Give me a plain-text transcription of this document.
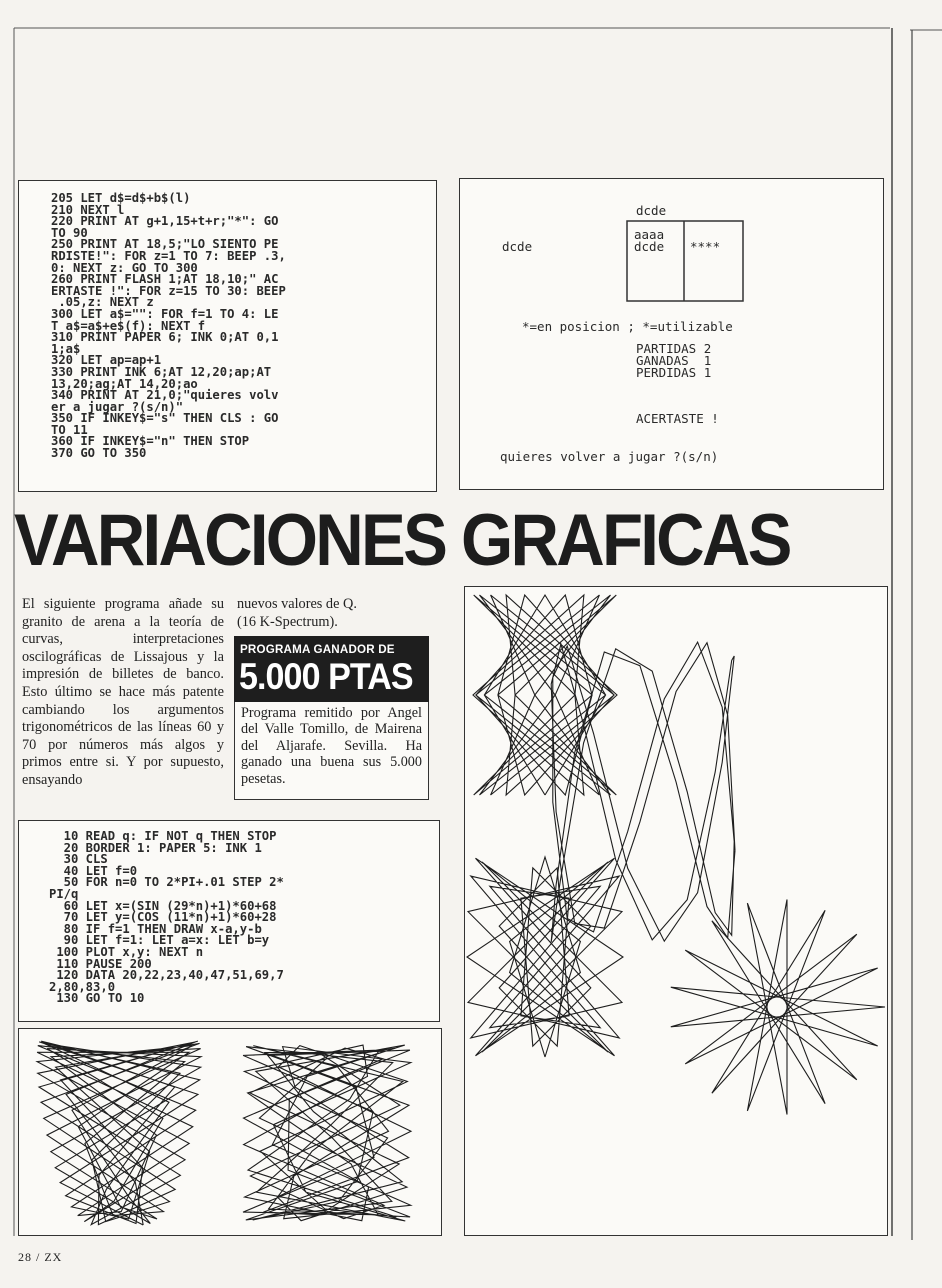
205 LET d$=d$+b$(l)
210 NEXT l
220 PRINT AT g+1,15+t+r;"*": GO
TO 90
250 PRINT AT 18,5;"LO SIENTO PE
RDISTE!": FOR z=1 TO 7: BEEP .3,
0: NEXT z: GO TO 300
260 PRINT FLASH 1;AT 18,10;" AC
ERTASTE !": FOR z=15 TO 30: BEEP
.05,z: NEXT z
300 LET a$="": FOR f=1 TO 4: LE
T a$=a$+e$(f): NEXT f
310 PRINT PAPER 6; INK 0;AT 0,1
1;a$
320 LET ap=ap+1
330 PRINT INK 6;AT 12,20;ap;AT
13,20;ag;AT 14,20;ao
340 PRINT AT 21,0;"quieres volv
er a jugar ?(s/n)"
350 IF INKEY$="s" THEN CLS : GO
TO 11
360 IF INKEY$="n" THEN STOP
370 GO TO 350
dcde
dcde
aaaa
dcde ****
*=en posicion ; *=utilizable
PARTIDAS 2
GANADAS  1
PERDIDAS 1
ACERTASTE !
quieres volver a jugar ?(s/n)
VARIACIONES GRAFICAS
El siguiente programa añade su granito de arena a la teoría de curvas, interpretaciones oscilográficas de Lissajous y la impresión de billetes de banco. Esto último se hace más patente cambiando los argumentos trigonométricos de las líneas 60 y 70 por números más algos y primos entre si. Y por supuesto, ensayando
nuevos valores de Q. (16 K-Spectrum).
PROGRAMA GANADOR DE
5.000 PTAS
Programa remitido por Angel del Valle Tomillo, de Mairena del Aljarafe. Sevilla. Ha ganado una buena sus 5.000 pesetas.
10 READ q: IF NOT q THEN STOP
20 BORDER 1: PAPER 5: INK 1
30 CLS
40 LET f=0
50 FOR n=0 TO 2*PI+.01 STEP 2*
PI/q
60 LET x=(SIN (29*n)+1)*60+68
70 LET y=(COS (11*n)+1)*60+28
80 IF f=1 THEN DRAW x-a,y-b
90 LET f=1: LET a=x: LET b=y
100 PLOT x,y: NEXT n
110 PAUSE 200
120 DATA 20,22,23,40,47,51,69,7
2,80,83,0
130 GO TO 10
28 / ZX
